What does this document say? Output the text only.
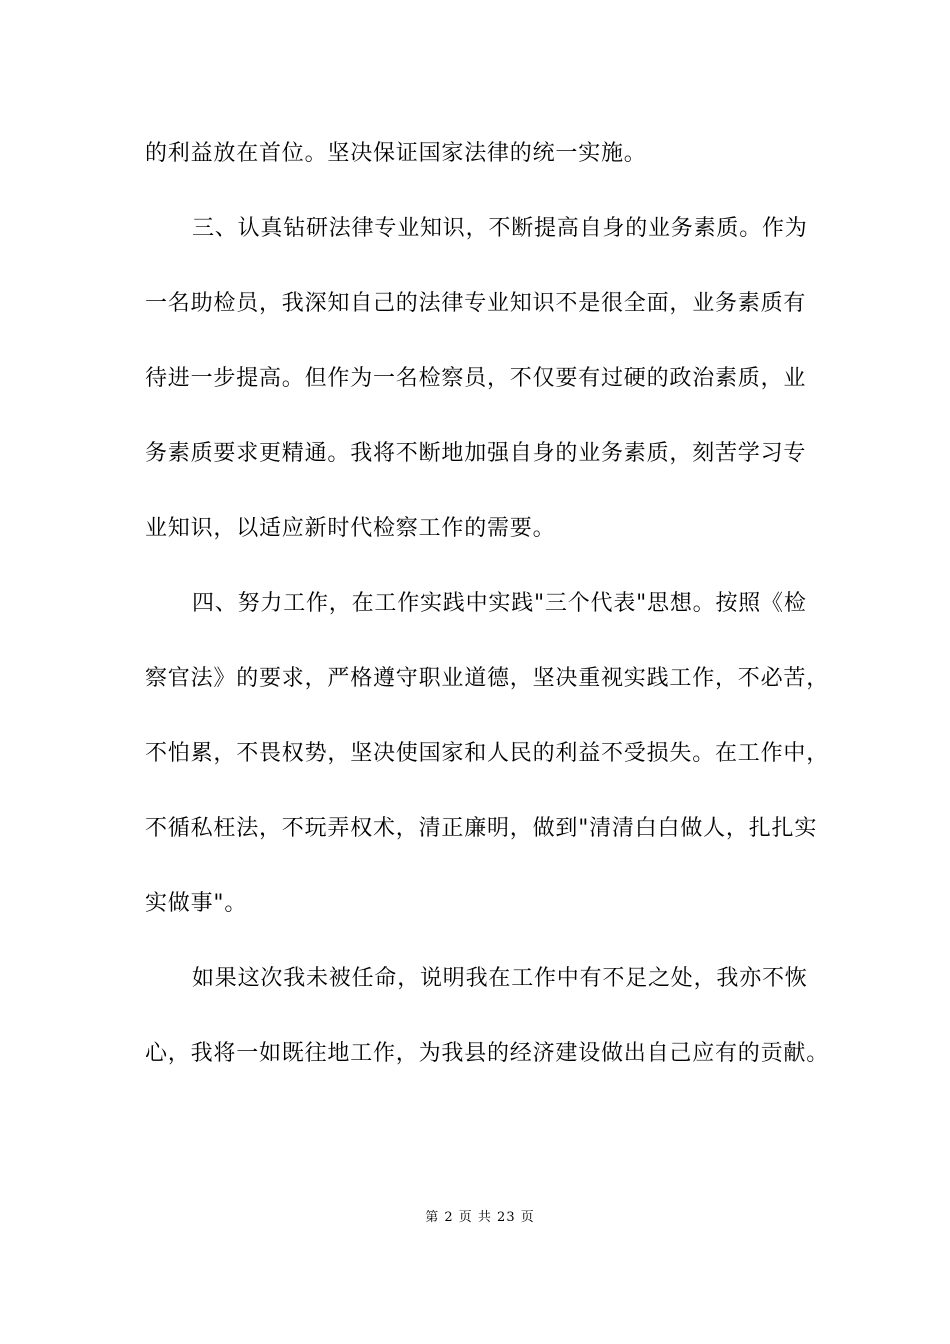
的利益放在首位。坚决保证国家法律的统一实施。
三、认真钻研法律专业知识，不断提高自身的业务素质。作为
一名助检员，我深知自己的法律专业知识不是很全面，业务素质有
待进一步提高。但作为一名检察员，不仅要有过硬的政治素质，业
务素质要求更精通。我将不断地加强自身的业务素质，刻苦学习专
业知识，以适应新时代检察工作的需要。
四、努力工作，在工作实践中实践"三个代表"思想。按照《检
察官法》的要求，严格遵守职业道德，坚决重视实践工作，不必苦，
不怕累，不畏权势，坚决使国家和人民的利益不受损失。在工作中，
不循私枉法，不玩弄权术，清正廉明，做到"清清白白做人，扎扎实
实做事"。
如果这次我未被任命，说明我在工作中有不足之处，我亦不恢
心，我将一如既往地工作，为我县的经济建设做出自己应有的贡献。
第 2 页 共 23 页
